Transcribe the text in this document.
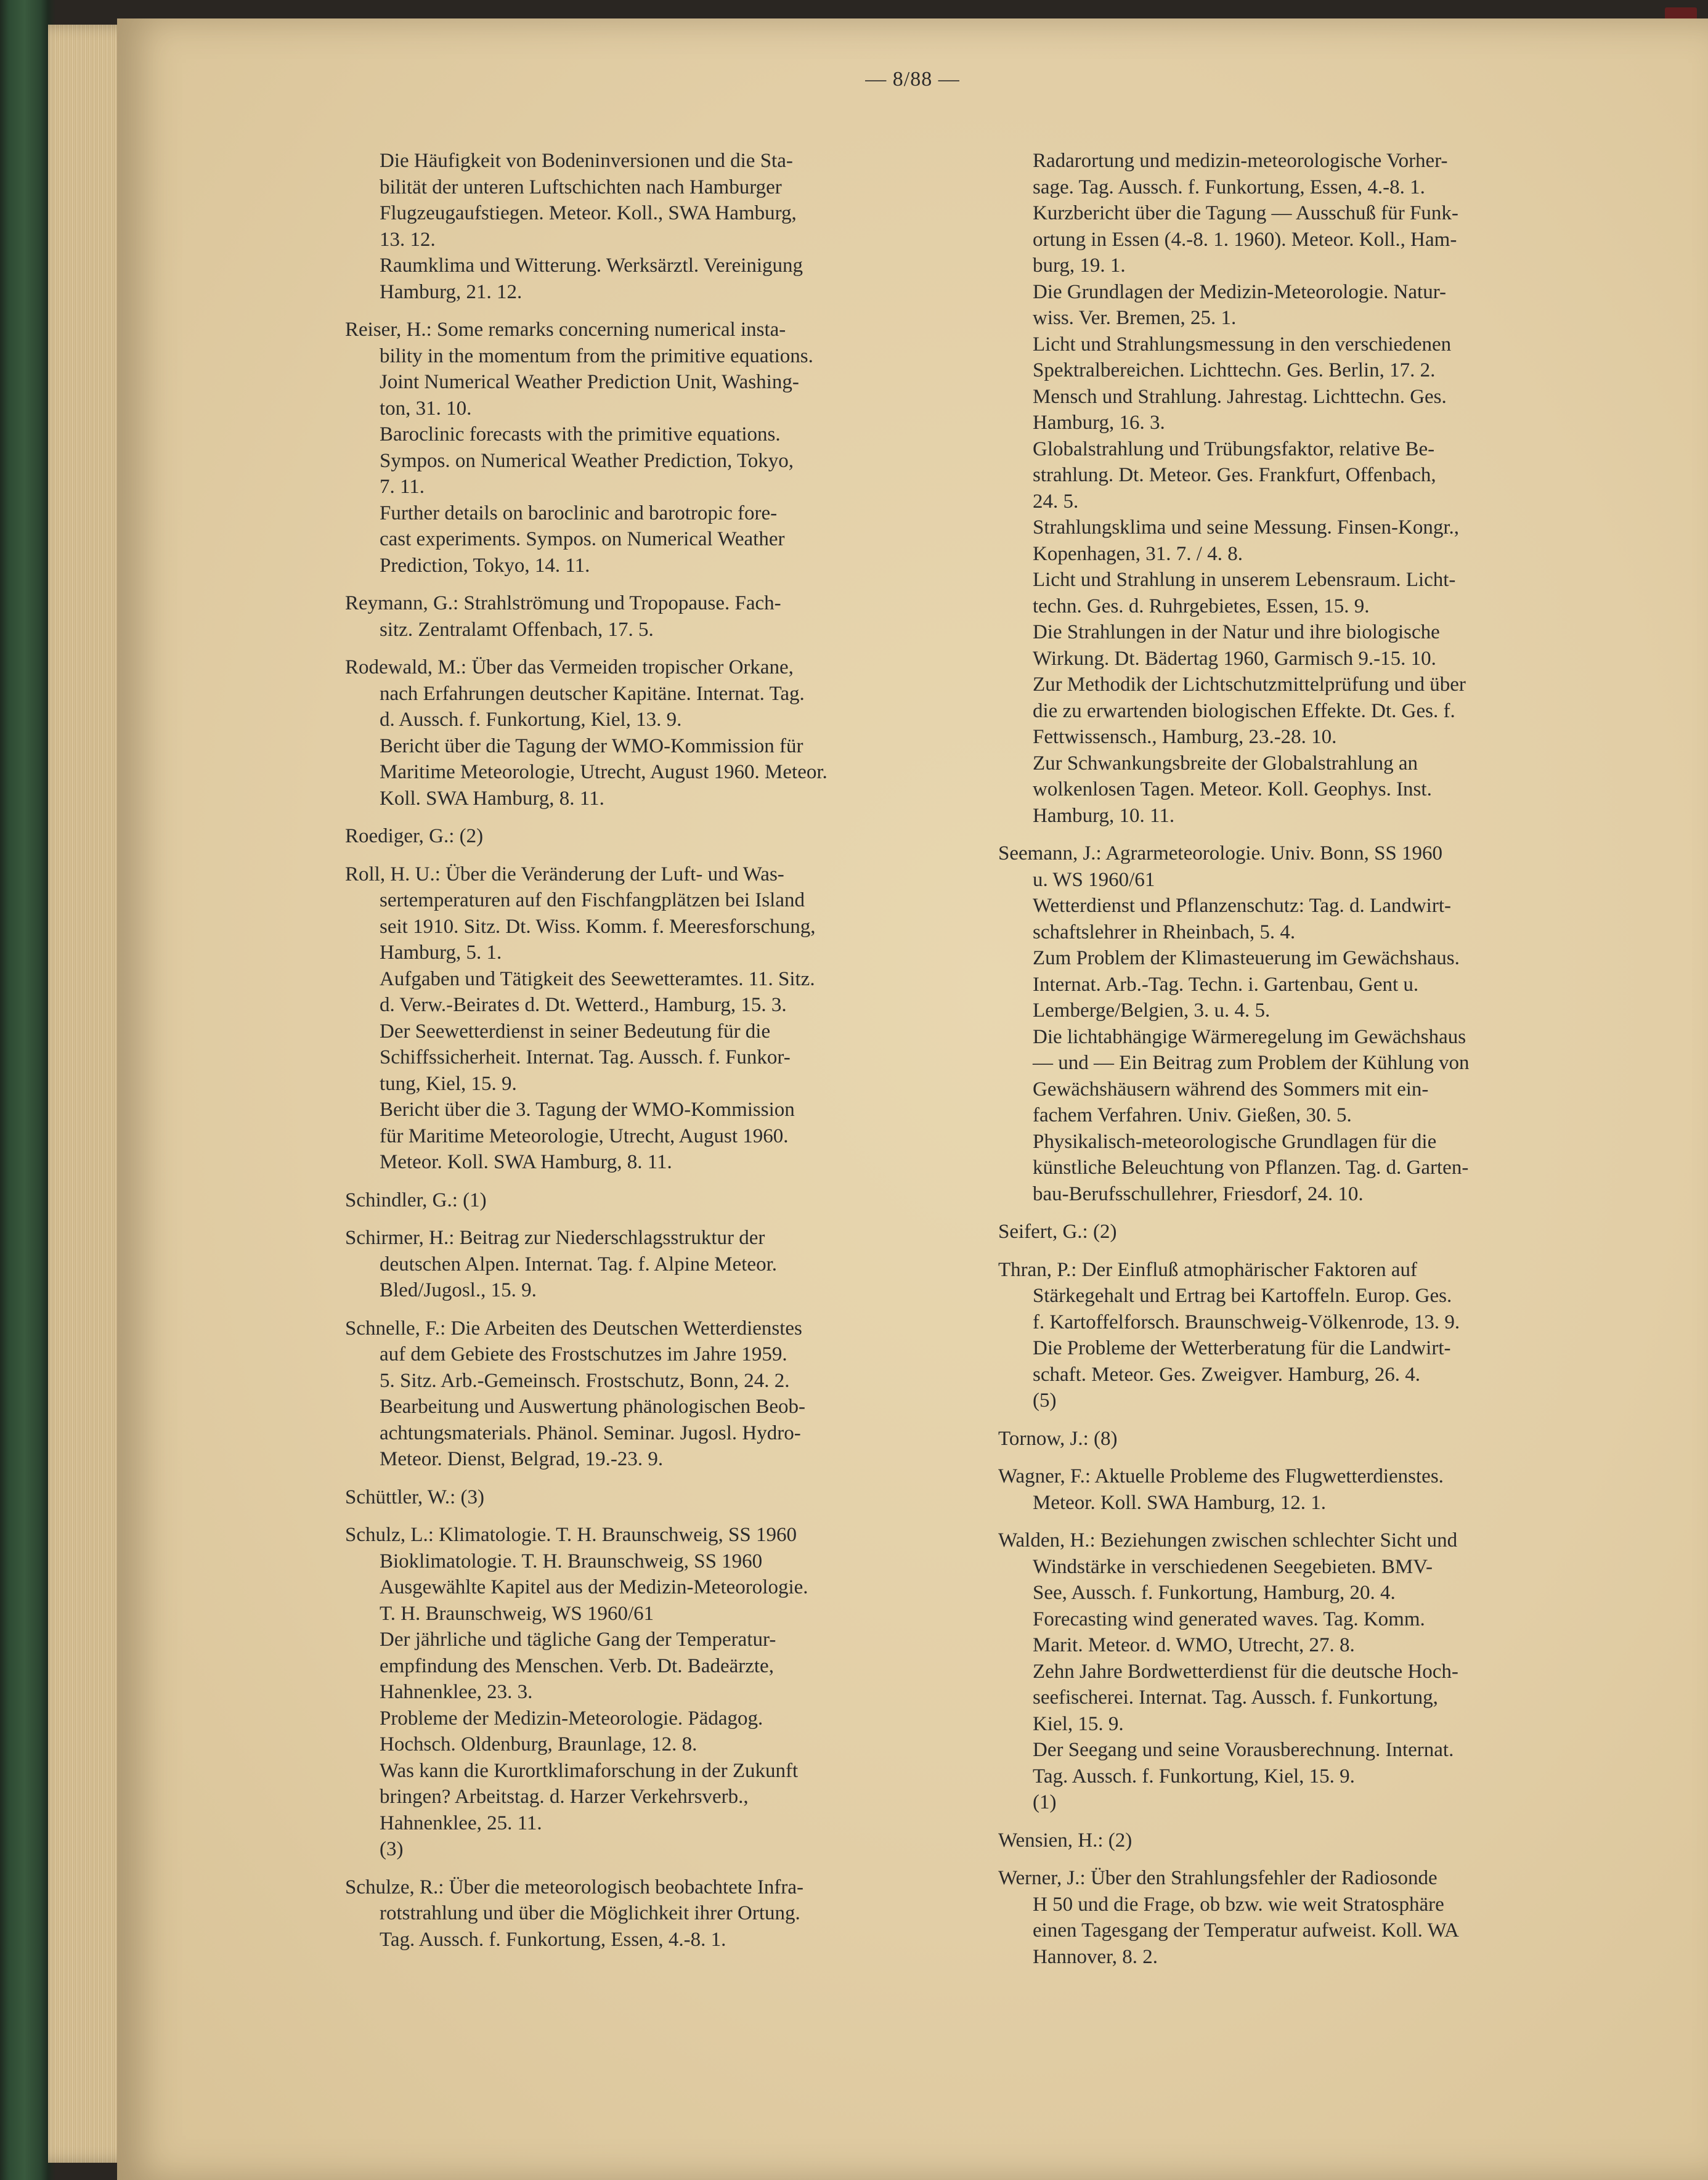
— 8/88 —
Die Häufigkeit von Bodeninversionen und die Sta-
bilität der unteren Luftschichten nach Hamburger
Flugzeugaufstiegen. Meteor. Koll., SWA Hamburg,
13. 12.
Raumklima und Witterung. Werksärztl. Vereinigung
Hamburg, 21. 12.
Reiser, H.: Some remarks concerning numerical insta-
bility in the momentum from the primitive equations.
Joint Numerical Weather Prediction Unit, Washing-
ton, 31. 10.
Baroclinic forecasts with the primitive equations.
Sympos. on Numerical Weather Prediction, Tokyo,
7. 11.
Further details on baroclinic and barotropic fore-
cast experiments. Sympos. on Numerical Weather
Prediction, Tokyo, 14. 11.
Reymann, G.: Strahlströmung und Tropopause. Fach-
sitz. Zentralamt Offenbach, 17. 5.
Rodewald, M.: Über das Vermeiden tropischer Orkane,
nach Erfahrungen deutscher Kapitäne. Internat. Tag.
d. Aussch. f. Funkortung, Kiel, 13. 9.
Bericht über die Tagung der WMO-Kommission für
Maritime Meteorologie, Utrecht, August 1960. Meteor.
Koll. SWA Hamburg, 8. 11.
Roediger, G.: (2)
Roll, H. U.: Über die Veränderung der Luft- und Was-
sertemperaturen auf den Fischfangplätzen bei Island
seit 1910. Sitz. Dt. Wiss. Komm. f. Meeresforschung,
Hamburg, 5. 1.
Aufgaben und Tätigkeit des Seewetteramtes. 11. Sitz.
d. Verw.-Beirates d. Dt. Wetterd., Hamburg, 15. 3.
Der Seewetterdienst in seiner Bedeutung für die
Schiffssicherheit. Internat. Tag. Aussch. f. Funkor-
tung, Kiel, 15. 9.
Bericht über die 3. Tagung der WMO-Kommission
für Maritime Meteorologie, Utrecht, August 1960.
Meteor. Koll. SWA Hamburg, 8. 11.
Schindler, G.: (1)
Schirmer, H.: Beitrag zur Niederschlagsstruktur der
deutschen Alpen. Internat. Tag. f. Alpine Meteor.
Bled/Jugosl., 15. 9.
Schnelle, F.: Die Arbeiten des Deutschen Wetterdienstes
auf dem Gebiete des Frostschutzes im Jahre 1959.
5. Sitz. Arb.-Gemeinsch. Frostschutz, Bonn, 24. 2.
Bearbeitung und Auswertung phänologischen Beob-
achtungsmaterials. Phänol. Seminar. Jugosl. Hydro-
Meteor. Dienst, Belgrad, 19.-23. 9.
Schüttler, W.: (3)
Schulz, L.: Klimatologie. T. H. Braunschweig, SS 1960
Bioklimatologie. T. H. Braunschweig, SS 1960
Ausgewählte Kapitel aus der Medizin-Meteorologie.
T. H. Braunschweig, WS 1960/61
Der jährliche und tägliche Gang der Temperatur-
empfindung des Menschen. Verb. Dt. Badeärzte,
Hahnenklee, 23. 3.
Probleme der Medizin-Meteorologie. Pädagog.
Hochsch. Oldenburg, Braunlage, 12. 8.
Was kann die Kurortklimaforschung in der Zukunft
bringen? Arbeitstag. d. Harzer Verkehrsverb.,
Hahnenklee, 25. 11.
(3)
Schulze, R.: Über die meteorologisch beobachtete Infra-
rotstrahlung und über die Möglichkeit ihrer Ortung.
Tag. Aussch. f. Funkortung, Essen, 4.-8. 1.
Radarortung und medizin-meteorologische Vorher-
sage. Tag. Aussch. f. Funkortung, Essen, 4.-8. 1.
Kurzbericht über die Tagung — Ausschuß für Funk-
ortung in Essen (4.-8. 1. 1960). Meteor. Koll., Ham-
burg, 19. 1.
Die Grundlagen der Medizin-Meteorologie. Natur-
wiss. Ver. Bremen, 25. 1.
Licht und Strahlungsmessung in den verschiedenen
Spektralbereichen. Lichttechn. Ges. Berlin, 17. 2.
Mensch und Strahlung. Jahrestag. Lichttechn. Ges.
Hamburg, 16. 3.
Globalstrahlung und Trübungsfaktor, relative Be-
strahlung. Dt. Meteor. Ges. Frankfurt, Offenbach,
24. 5.
Strahlungsklima und seine Messung. Finsen-Kongr.,
Kopenhagen, 31. 7. / 4. 8.
Licht und Strahlung in unserem Lebensraum. Licht-
techn. Ges. d. Ruhrgebietes, Essen, 15. 9.
Die Strahlungen in der Natur und ihre biologische
Wirkung. Dt. Bädertag 1960, Garmisch 9.-15. 10.
Zur Methodik der Lichtschutzmittelprüfung und über
die zu erwartenden biologischen Effekte. Dt. Ges. f.
Fettwissensch., Hamburg, 23.-28. 10.
Zur Schwankungsbreite der Globalstrahlung an
wolkenlosen Tagen. Meteor. Koll. Geophys. Inst.
Hamburg, 10. 11.
Seemann, J.: Agrarmeteorologie. Univ. Bonn, SS 1960
u. WS 1960/61
Wetterdienst und Pflanzenschutz: Tag. d. Landwirt-
schaftslehrer in Rheinbach, 5. 4.
Zum Problem der Klimasteuerung im Gewächshaus.
Internat. Arb.-Tag. Techn. i. Gartenbau, Gent u.
Lemberge/Belgien, 3. u. 4. 5.
Die lichtabhängige Wärmeregelung im Gewächshaus
— und — Ein Beitrag zum Problem der Kühlung von
Gewächshäusern während des Sommers mit ein-
fachem Verfahren. Univ. Gießen, 30. 5.
Physikalisch-meteorologische Grundlagen für die
künstliche Beleuchtung von Pflanzen. Tag. d. Garten-
bau-Berufsschullehrer, Friesdorf, 24. 10.
Seifert, G.: (2)
Thran, P.: Der Einfluß atmophärischer Faktoren auf
Stärkegehalt und Ertrag bei Kartoffeln. Europ. Ges.
f. Kartoffelforsch. Braunschweig-Völkenrode, 13. 9.
Die Probleme der Wetterberatung für die Landwirt-
schaft. Meteor. Ges. Zweigver. Hamburg, 26. 4.
(5)
Tornow, J.: (8)
Wagner, F.: Aktuelle Probleme des Flugwetterdienstes.
Meteor. Koll. SWA Hamburg, 12. 1.
Walden, H.: Beziehungen zwischen schlechter Sicht und
Windstärke in verschiedenen Seegebieten. BMV-
See, Aussch. f. Funkortung, Hamburg, 20. 4.
Forecasting wind generated waves. Tag. Komm.
Marit. Meteor. d. WMO, Utrecht, 27. 8.
Zehn Jahre Bordwetterdienst für die deutsche Hoch-
seefischerei. Internat. Tag. Aussch. f. Funkortung,
Kiel, 15. 9.
Der Seegang und seine Vorausberechnung. Internat.
Tag. Aussch. f. Funkortung, Kiel, 15. 9.
(1)
Wensien, H.: (2)
Werner, J.: Über den Strahlungsfehler der Radiosonde
H 50 und die Frage, ob bzw. wie weit Stratosphäre
einen Tagesgang der Temperatur aufweist. Koll. WA
Hannover, 8. 2.
